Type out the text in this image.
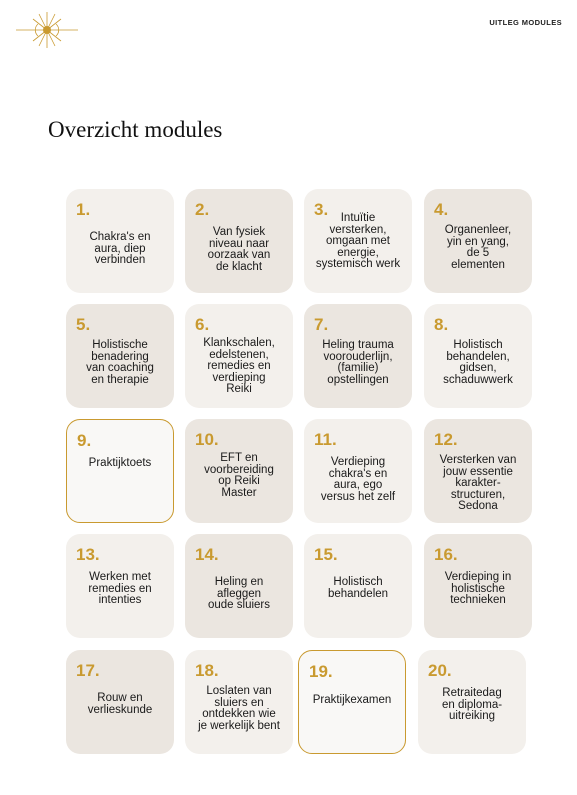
UITLEG MODULES
Overzicht modules
1.
Chakra's en
aura, diep
verbinden
2.
Van fysiek
niveau naar
oorzaak van
de klacht
3.	Intuïtie
versterken,
omgaan met
energie,
systemisch werk
4.
Organenleer,
yin en yang,
de 5
elementen
5.
Holistische
benadering
van coaching
en therapie
6.
Klankschalen,
edelstenen,
remedies en
verdieping
Reiki
7.
Heling trauma
voorouderlijn,
(familie)
opstellingen
8.
Holistisch
behandelen,
gidsen,
schaduwwerk
9.
Praktijktoets
10.
EFT en
voorbereiding
op Reiki
Master
11.
Verdieping
chakra's en
aura, ego
versus het zelf
12.
Versterken van
jouw essentie
karakter-
structuren,
Sedona
13.
Werken met
remedies en
intenties
14.
Heling en
afleggen
oude sluiers
15.
Holistisch
behandelen
16.
Verdieping in
holistische
technieken
17.
Rouw en
verlieskunde
18.
Loslaten van
sluiers en
ontdekken wie
je werkelijk bent
19.
Praktijkexamen
20.
Retraitedag
en diploma-
uitreiking
